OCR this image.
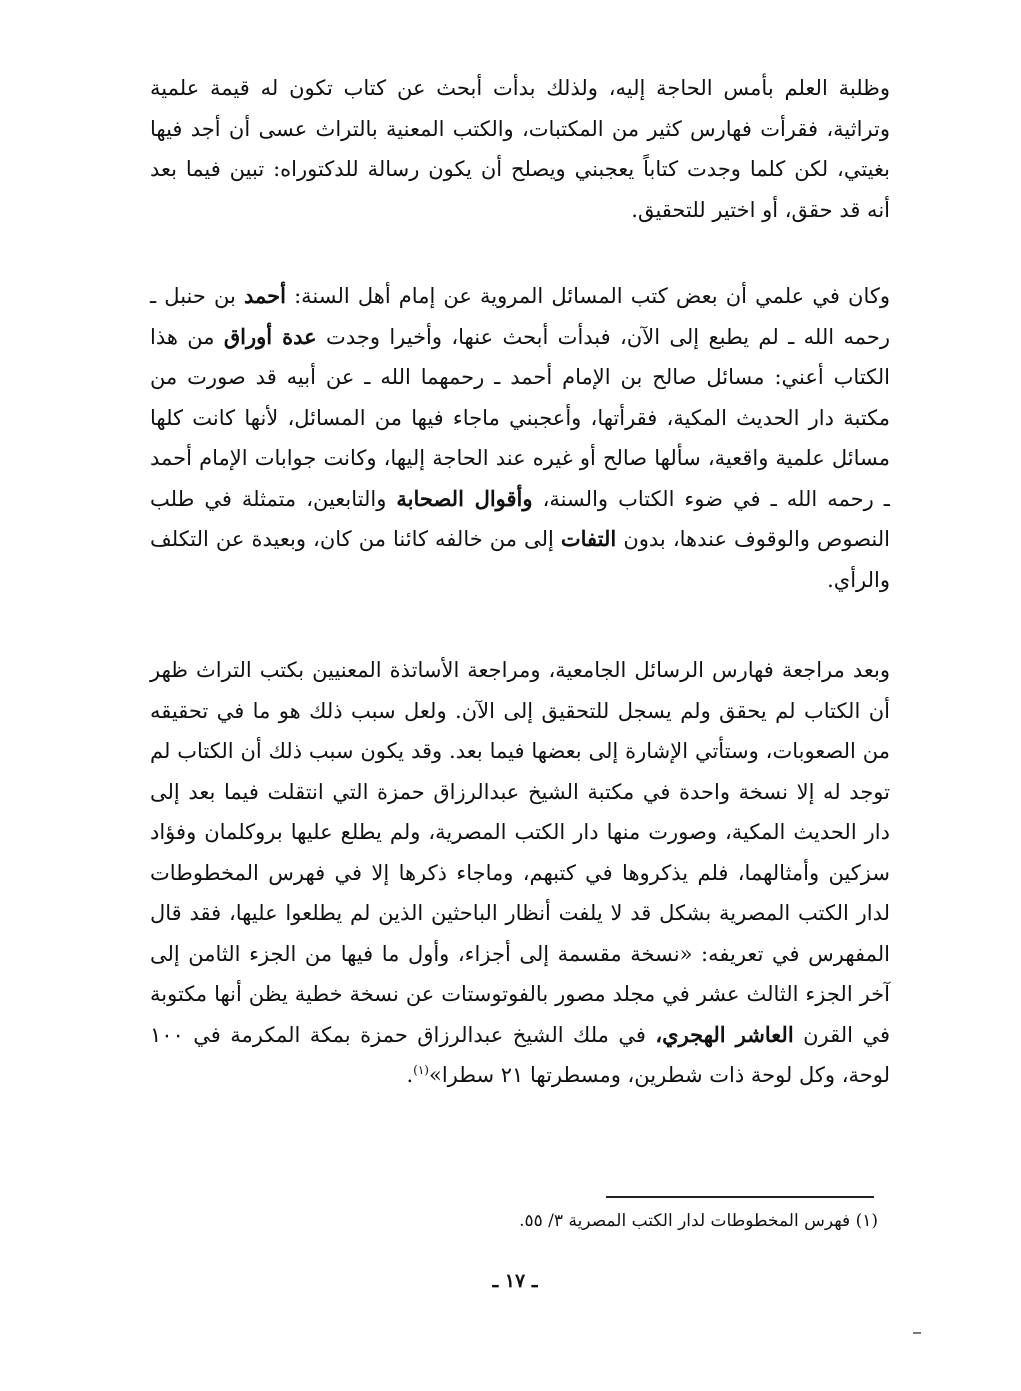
وظلبة العلم بأمس الحاجة إليه، ولذلك بدأت أبحث عن كتاب تكون له قيمة علمية وتراثية، فقرأت فهارس كثير من المكتبات، والكتب المعنية بالتراث عسى أن أجد فيها بغيتي، لكن كلما وجدت كتاباً يعجبني ويصلح أن يكون رسالة للدكتوراه: تبين فيما بعد أنه قد حقق، أو اختير للتحقيق.

وكان في علمي أن بعض كتب المسائل المروية عن إمام أهل السنة: أحمد بن حنبل ـ رحمه الله ـ لم يطبع إلى الآن، فبدأت أبحث عنها، وأخيرا وجدت عدة أوراق من هذا الكتاب أعني: مسائل صالح بن الإمام أحمد ـ رحمهما الله ـ عن أبيه قد صورت من مكتبة دار الحديث المكية، فقرأتها، وأعجبني ماجاء فيها من المسائل، لأنها كانت كلها مسائل علمية واقعية، سألها صالح أو غيره عند الحاجة إليها، وكانت جوابات الإمام أحمد ـ رحمه الله ـ في ضوء الكتاب والسنة، وأقوال الصحابة والتابعين، متمثلة في طلب النصوص والوقوف عندها، بدون التفات إلى من خالفه كائنا من كان، وبعيدة عن التكلف والرأي.

وبعد مراجعة فهارس الرسائل الجامعية، ومراجعة الأساتذة المعنيين بكتب التراث ظهر أن الكتاب لم يحقق ولم يسجل للتحقيق إلى الآن. ولعل سبب ذلك هو ما في تحقيقه من الصعوبات، وستأتي الإشارة إلى بعضها فيما بعد. وقد يكون سبب ذلك أن الكتاب لم توجد له إلا نسخة واحدة في مكتبة الشيخ عبدالرزاق حمزة التي انتقلت فيما بعد إلى دار الحديث المكية، وصورت منها دار الكتب المصرية، ولم يطلع عليها بروكلمان وفؤاد سزكين وأمثالهما، فلم يذكروها في كتبهم، وماجاء ذكرها إلا في فهرس المخطوطات لدار الكتب المصرية بشكل قد لا يلفت أنظار الباحثين الذين لم يطلعوا عليها، فقد قال المفهرس في تعريفه: «نسخة مقسمة إلى أجزاء، وأول ما فيها من الجزء الثامن إلى آخر الجزء الثالث عشر في مجلد مصور بالفوتوستات عن نسخة خطية يظن أنها مكتوبة في القرن العاشر الهجري، في ملك الشيخ عبدالرزاق حمزة بمكة المكرمة في ١٠٠ لوحة، وكل لوحة ذات شطرين، ومسطرتها ٢١ سطرا»$^{(١)}$.

(١) فهرس المخطوطات لدار الكتب المصرية ٣/ ٥٥.

ـ ١٧ ـ
